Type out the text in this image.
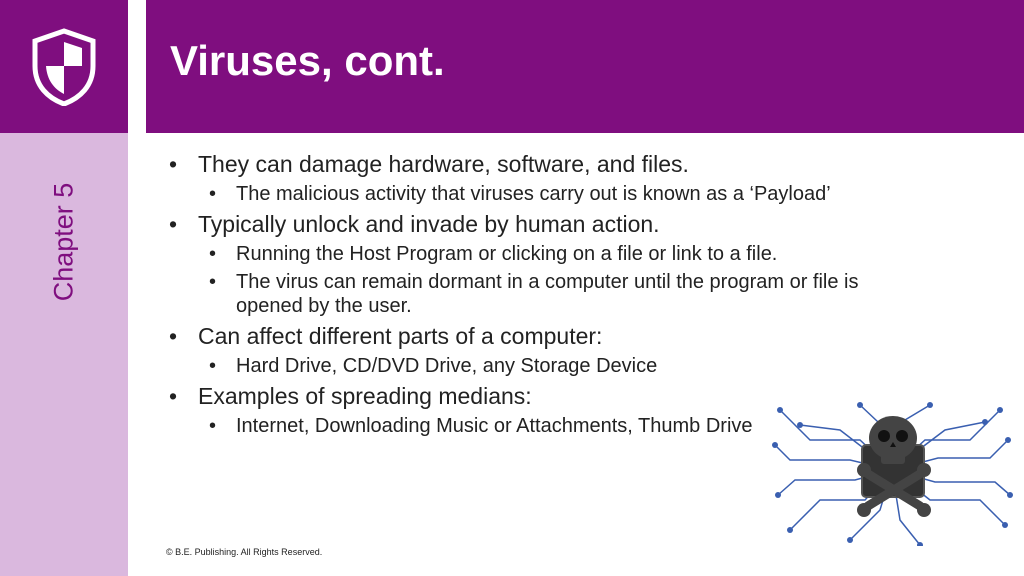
Chapter 5
Viruses, cont.
• They can damage hardware, software, and files.
• The malicious activity that viruses carry out is known as a ‘Payload’
• Typically unlock and invade by human action.
• Running the Host Program or clicking on a file or link to a file.
• The virus can remain dormant in a computer until the program or file is opened by the user.
• Can affect different parts of a computer:
• Hard Drive, CD/DVD Drive, any Storage Device
• Examples of spreading medians:
• Internet, Downloading Music or Attachments, Thumb Drive
© B.E. Publishing. All Rights Reserved.
